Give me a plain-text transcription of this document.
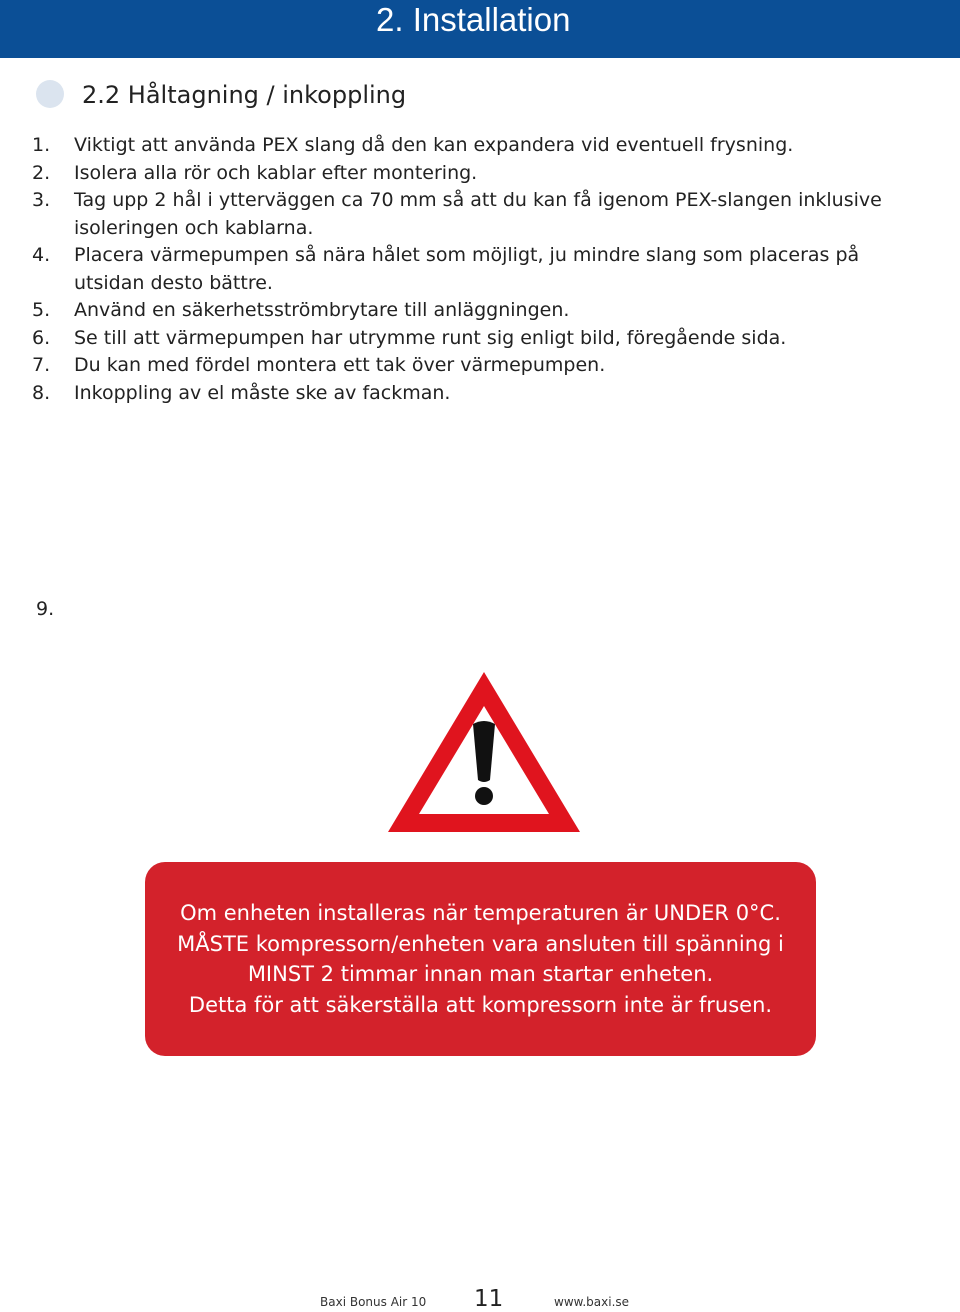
2. Installation
2.2 Håltagning / inkoppling
1. Viktigt att använda PEX slang då den kan expandera vid eventuell frysning.
2. Isolera alla rör och kablar efter montering.
3. Tag upp 2 hål i ytterväggen ca 70 mm så att du kan få igenom PEX-slangen inklusive isoleringen och kablarna.
4. Placera värmepumpen så nära hålet som möjligt, ju mindre slang som placeras på utsidan desto bättre.
5. Använd en säkerhetsströmbrytare till anläggningen.
6. Se till att värmepumpen har utrymme runt sig enligt bild, föregående sida.
7. Du kan med fördel montera ett tak över värmepumpen.
8. Inkoppling av el måste ske av fackman.
9.
Om enheten installeras när temperaturen är UNDER 0°C.
MÅSTE kompressorn/enheten vara ansluten till spänning i
MINST 2 timmar innan man startar enheten.
Detta för att säkerställa att kompressorn inte är frusen.
Baxi Bonus Air 10 11	www.baxi.se
